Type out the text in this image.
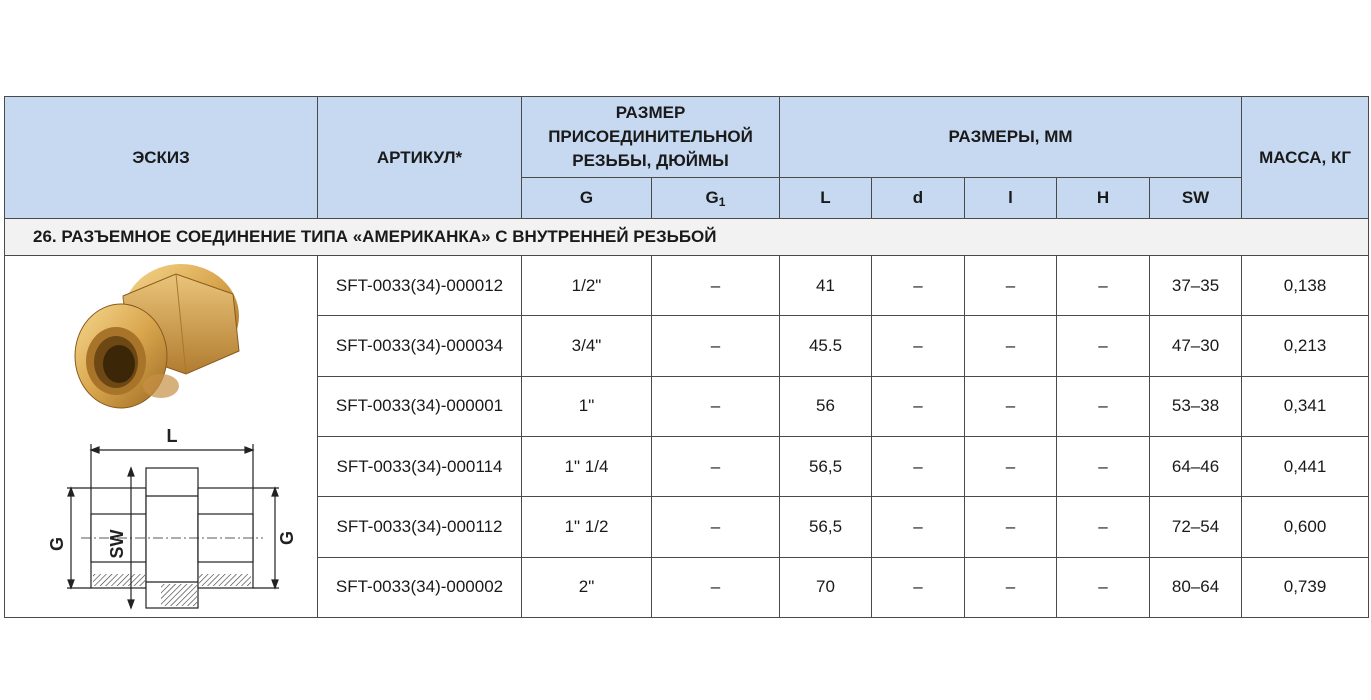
ЭСКИЗ	АРТИКУЛ*	РАЗМЕР ПРИСОЕДИНИТЕЛЬНОЙ РЕЗЬБЫ, ДЮЙМЫ		РАЗМЕРЫ, ММ					МАССА, КГ
		G	G1	L	d	l	H	SW	
26. РАЗЪЕМНОЕ СОЕДИНЕНИЕ ТИПА «АМЕРИКАНКА» С ВНУТРЕННЕЙ РЕЗЬБОЙ									

L
G G
SW	SFT-0033(34)-000012	1/2"	–	41	–	–	–	37–35	0,138
	SFT-0033(34)-000034	3/4"	–	45.5	–	–	–	47–30	0,213
	SFT-0033(34)-000001	1"	–	56	–	–	–	53–38	0,341
	SFT-0033(34)-000114	1" 1/4	–	56,5	–	–	–	64–46	0,441
	SFT-0033(34)-000112	1" 1/2	–	56,5	–	–	–	72–54	0,600
	SFT-0033(34)-000002	2"	–	70	–	–	–	80–64	0,739
